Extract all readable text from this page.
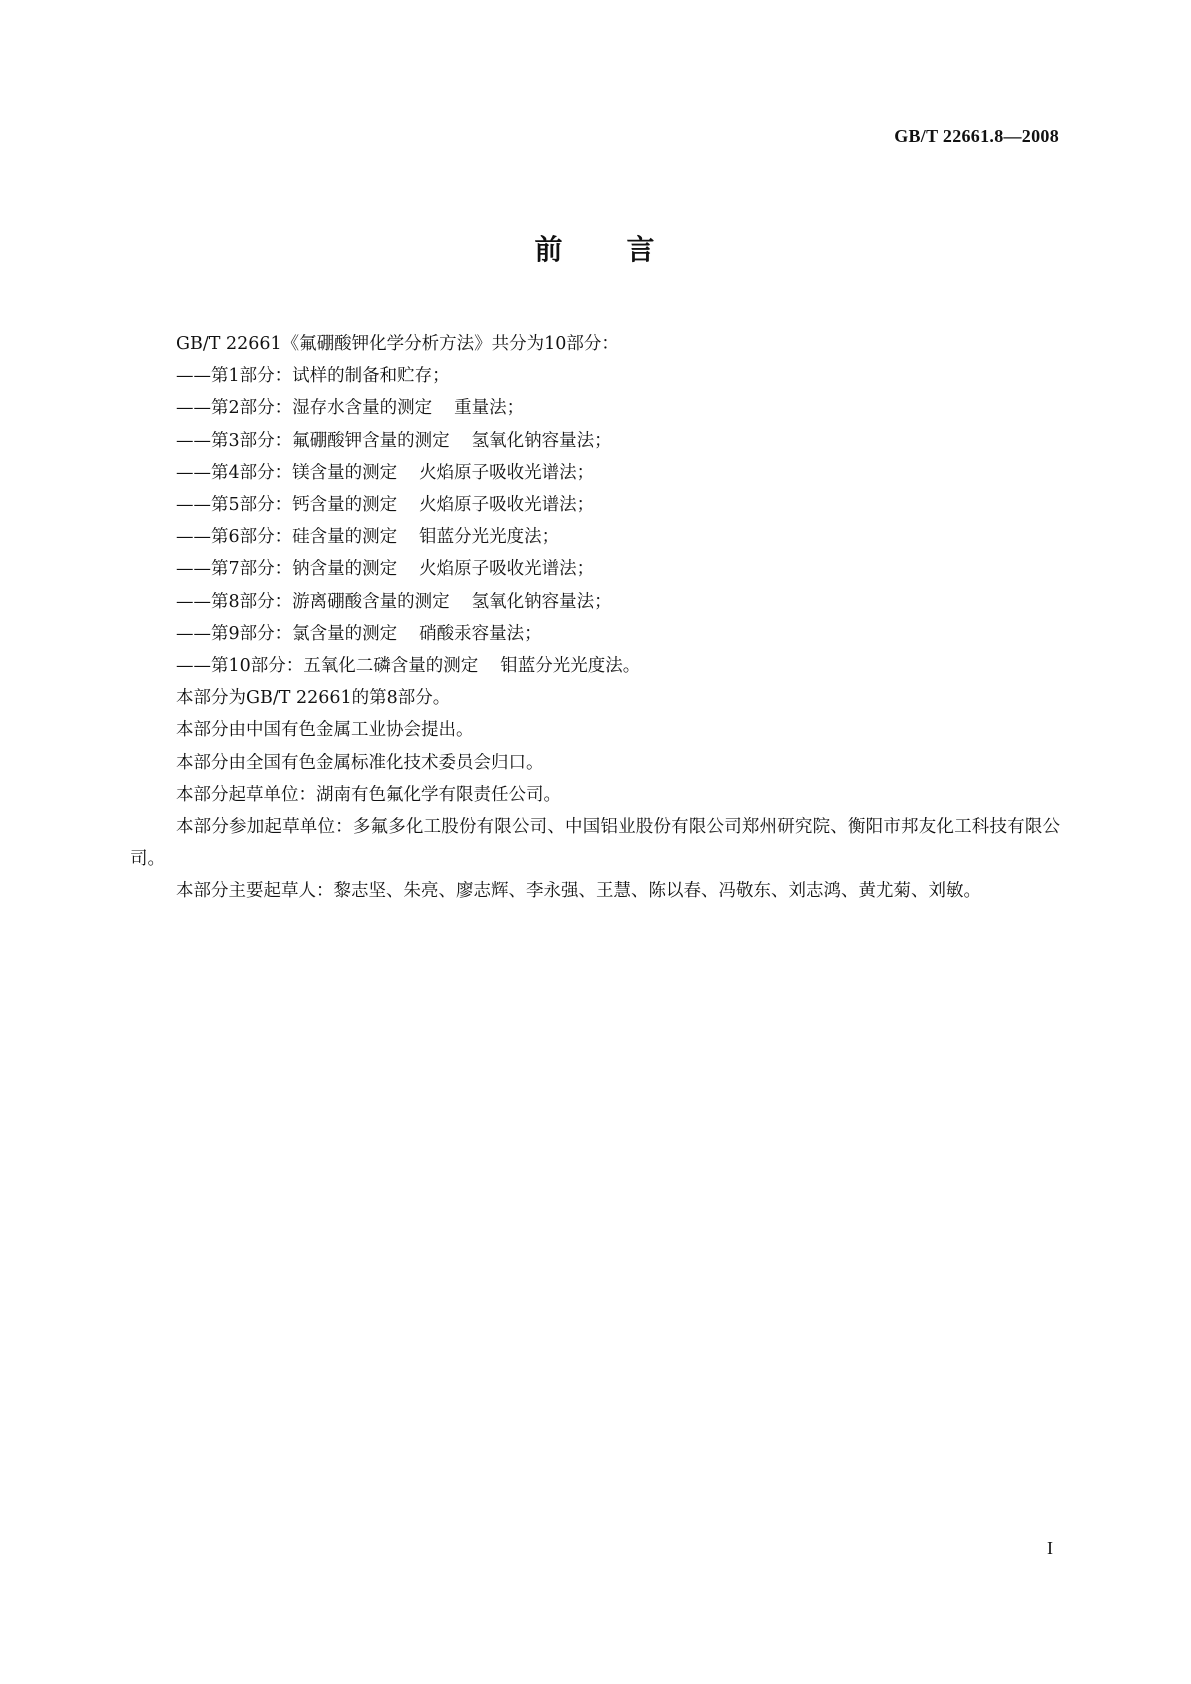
GB/T 22661.8—2008
前 言
GB/T 22661《氟硼酸钾化学分析方法》共分为10部分：
——第1部分：试样的制备和贮存；
——第2部分：湿存水含量的测定 重量法；
——第3部分：氟硼酸钾含量的测定 氢氧化钠容量法；
——第4部分：镁含量的测定 火焰原子吸收光谱法；
——第5部分：钙含量的测定 火焰原子吸收光谱法；
——第6部分：硅含量的测定 钼蓝分光光度法；
——第7部分：钠含量的测定 火焰原子吸收光谱法；
——第8部分：游离硼酸含量的测定 氢氧化钠容量法；
——第9部分：氯含量的测定 硝酸汞容量法；
——第10部分：五氧化二磷含量的测定 钼蓝分光光度法。
本部分为GB/T 22661的第8部分。
本部分由中国有色金属工业协会提出。
本部分由全国有色金属标准化技术委员会归口。
本部分起草单位：湖南有色氟化学有限责任公司。
本部分参加起草单位：多氟多化工股份有限公司、中国铝业股份有限公司郑州研究院、衡阳市邦友化工科技有限公司。
本部分主要起草人：黎志坚、朱亮、廖志辉、李永强、王慧、陈以春、冯敬东、刘志鸿、黄尤菊、刘敏。
I
